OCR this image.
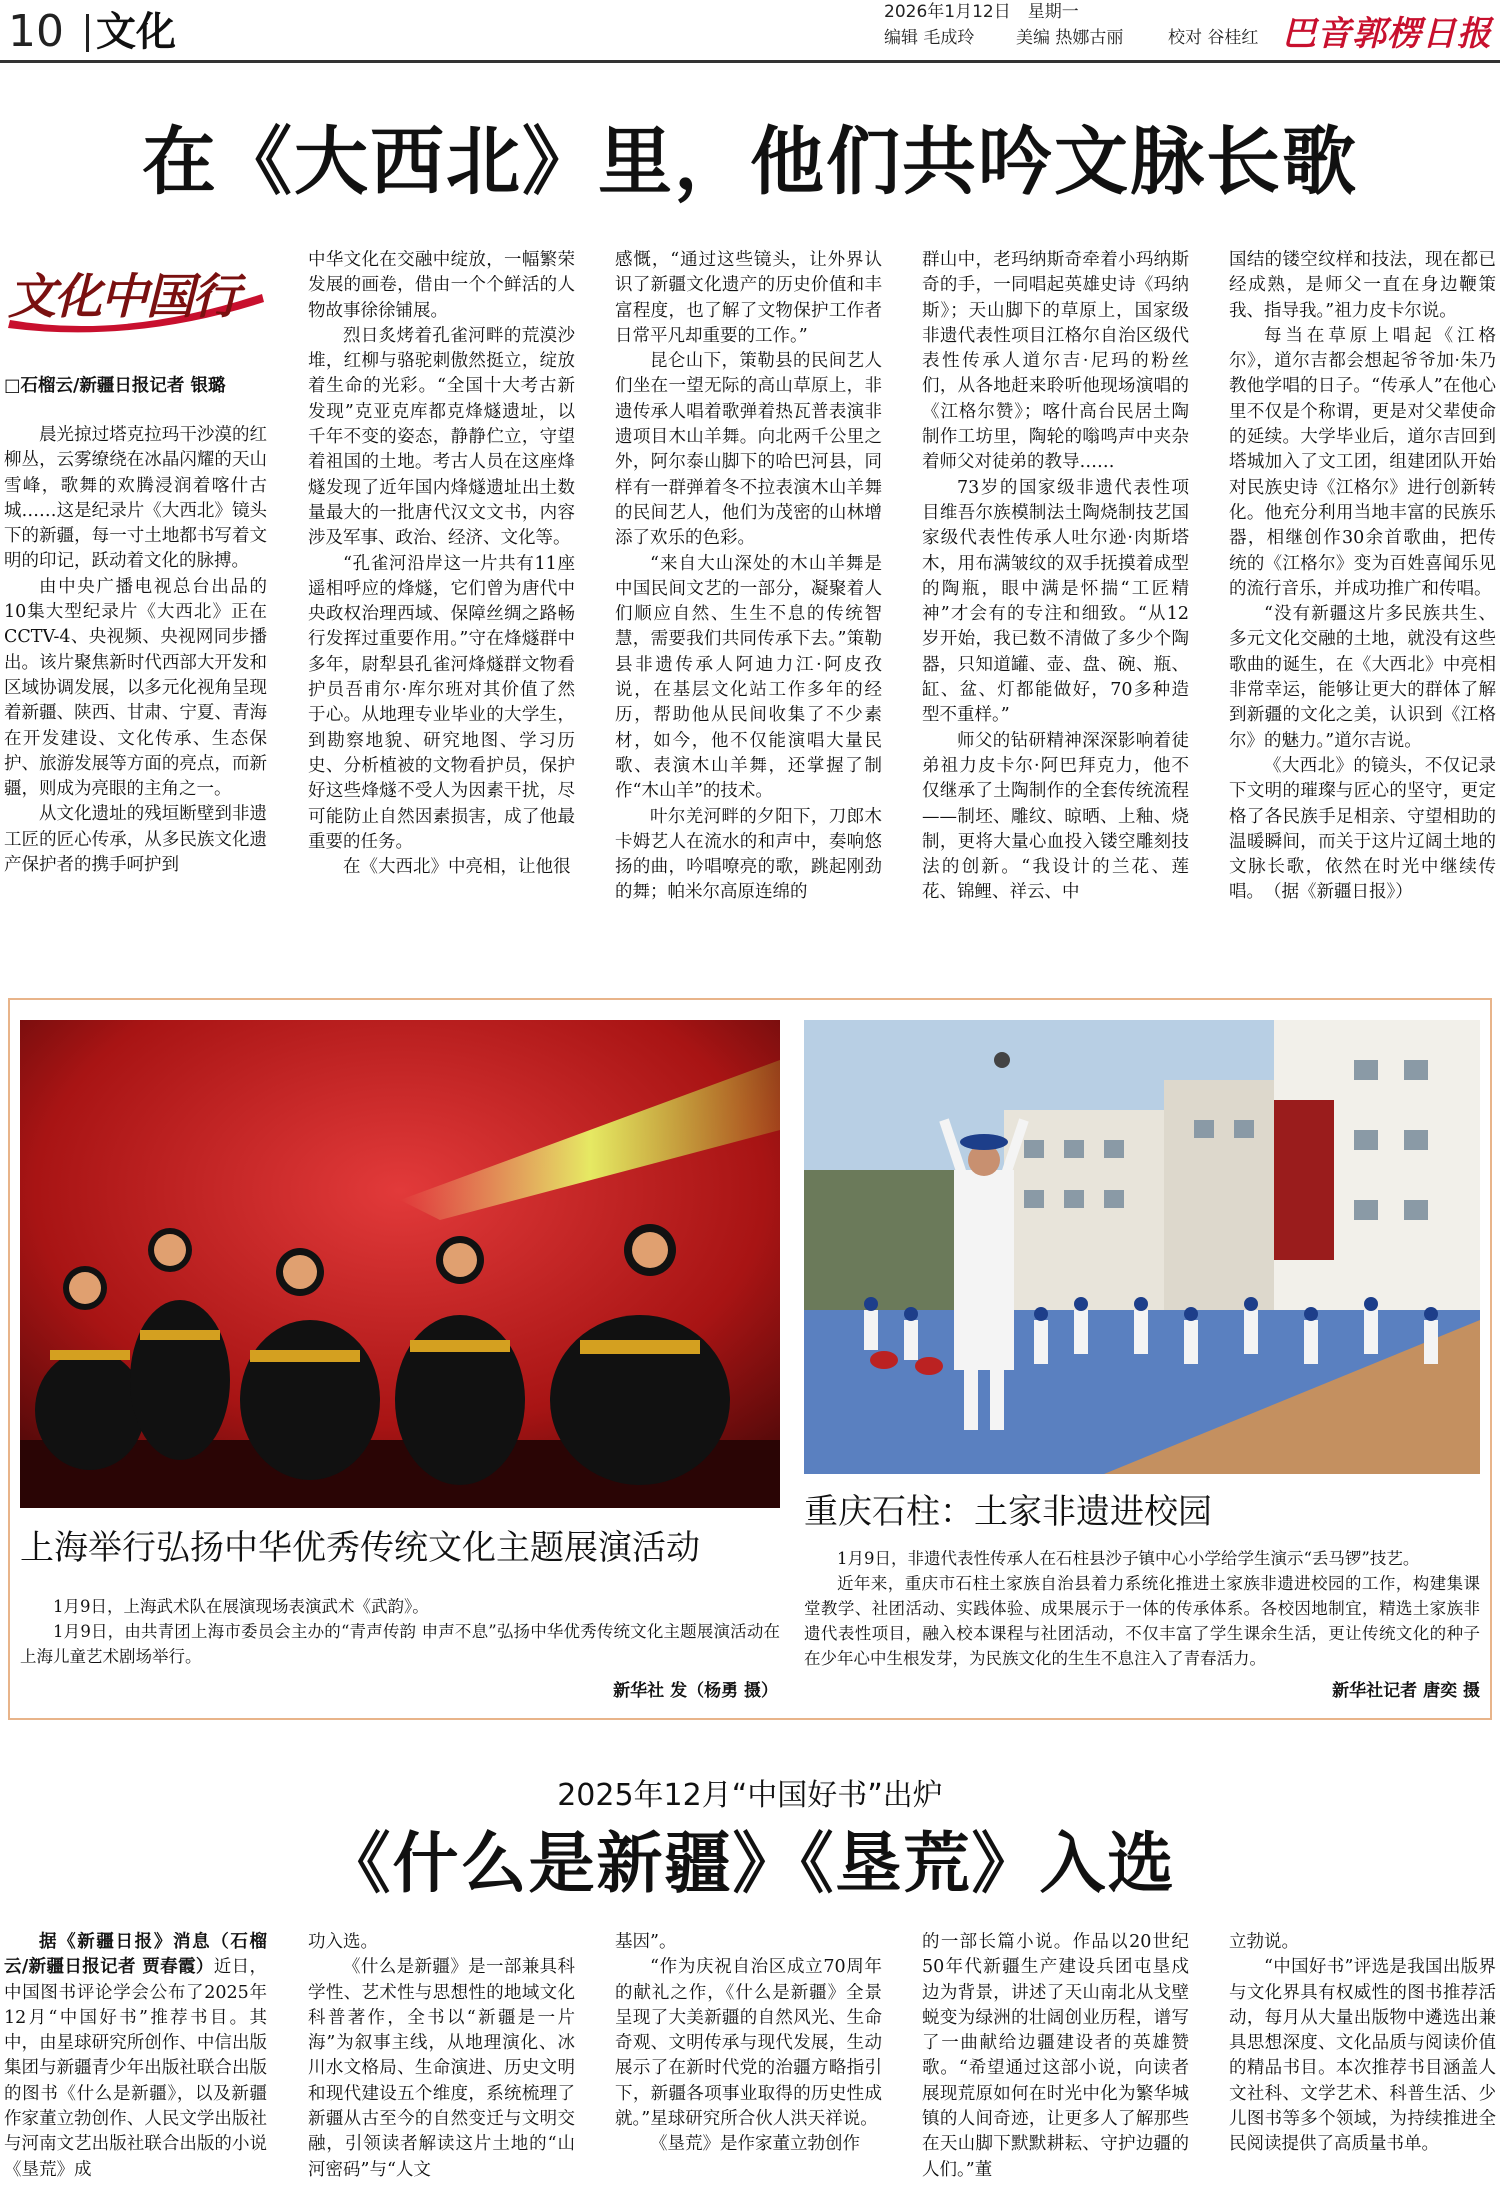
10 文化	2026年1月12日　星期一
编辑 毛成玲 美编 热娜古丽	校对 谷桂红 巴音郭楞日报
在《大西北》里，他们共吟文脉长歌
文化中国行
□石榴云/新疆日报记者 银璐

晨光掠过塔克拉玛干沙漠的红柳丛，云雾缭绕在冰晶闪耀的天山雪峰，歌舞的欢腾浸润着喀什古城……这是纪录片《大西北》镜头下的新疆，每一寸土地都书写着文明的印记，跃动着文化的脉搏。

由中央广播电视总台出品的10集大型纪录片《大西北》正在CCTV-4、央视频、央视网同步播出。该片聚焦新时代西部大开发和区域协调发展，以多元化视角呈现着新疆、陕西、甘肃、宁夏、青海在开发建设、文化传承、生态保护、旅游发展等方面的亮点，而新疆，则成为亮眼的主角之一。

从文化遗址的残垣断壁到非遗工匠的匠心传承，从多民族文化遗产保护者的携手呵护到

中华文化在交融中绽放，一幅繁荣发展的画卷，借由一个个鲜活的人物故事徐徐铺展。

烈日炙烤着孔雀河畔的荒漠沙堆，红柳与骆驼刺傲然挺立，绽放着生命的光彩。“全国十大考古新发现”克亚克库都克烽燧遗址，以千年不变的姿态，静静伫立，守望着祖国的土地。考古人员在这座烽燧发现了近年国内烽燧遗址出土数量最大的一批唐代汉文文书，内容涉及军事、政治、经济、文化等。

“孔雀河沿岸这一片共有11座遥相呼应的烽燧，它们曾为唐代中央政权治理西域、保障丝绸之路畅行发挥过重要作用。”守在烽燧群中多年，尉犁县孔雀河烽燧群文物看护员吾甫尔·库尔班对其价值了然于心。从地理专业毕业的大学生，到勘察地貌、研究地图、学习历史、分析植被的文物看护员，保护好这些烽燧不受人为因素干扰，尽可能防止自然因素损害，成了他最重要的任务。

在《大西北》中亮相，让他很

感慨，“通过这些镜头，让外界认识了新疆文化遗产的历史价值和丰富程度，也了解了文物保护工作者日常平凡却重要的工作。”

昆仑山下，策勒县的民间艺人们坐在一望无际的高山草原上，非遗传承人唱着歌弹着热瓦普表演非遗项目木山羊舞。向北两千公里之外，阿尔泰山脚下的哈巴河县，同样有一群弹着冬不拉表演木山羊舞的民间艺人，他们为茂密的山林增添了欢乐的色彩。

“来自大山深处的木山羊舞是中国民间文艺的一部分，凝聚着人们顺应自然、生生不息的传统智慧，需要我们共同传承下去。”策勒县非遗传承人阿迪力江·阿皮孜说，在基层文化站工作多年的经历，帮助他从民间收集了不少素材，如今，他不仅能演唱大量民歌、表演木山羊舞，还掌握了制作“木山羊”的技术。

叶尔羌河畔的夕阳下，刀郎木卡姆艺人在流水的和声中，奏响悠扬的曲，吟唱嘹亮的歌，跳起刚劲的舞；帕米尔高原连绵的

群山中，老玛纳斯奇牵着小玛纳斯奇的手，一同唱起英雄史诗《玛纳斯》；天山脚下的草原上，国家级非遗代表性项目江格尔自治区级代表性传承人道尔吉·尼玛的粉丝们，从各地赶来聆听他现场演唱的《江格尔赞》；喀什高台民居土陶制作工坊里，陶轮的嗡鸣声中夹杂着师父对徒弟的教导……

73岁的国家级非遗代表性项目维吾尔族模制法土陶烧制技艺国家级代表性传承人吐尔逊·肉斯塔木，用布满皱纹的双手抚摸着成型的陶瓶，眼中满是怀揣“工匠精神”才会有的专注和细致。“从12岁开始，我已数不清做了多少个陶器，只知道罐、壶、盘、碗、瓶、缸、盆、灯都能做好，70多种造型不重样。”

师父的钻研精神深深影响着徒弟祖力皮卡尔·阿巴拜克力，他不仅继承了土陶制作的全套传统流程——制坯、雕纹、晾晒、上釉、烧制，更将大量心血投入镂空雕刻技法的创新。“我设计的兰花、莲花、锦鲤、祥云、中

国结的镂空纹样和技法，现在都已经成熟，是师父一直在身边鞭策我、指导我。”祖力皮卡尔说。

每当在草原上唱起《江格尔》，道尔吉都会想起爷爷加·朱乃教他学唱的日子。“传承人”在他心里不仅是个称谓，更是对父辈使命的延续。大学毕业后，道尔吉回到塔城加入了文工团，组建团队开始对民族史诗《江格尔》进行创新转化。他充分利用当地丰富的民族乐器，相继创作30余首歌曲，把传统的《江格尔》变为百姓喜闻乐见的流行音乐，并成功推广和传唱。

“没有新疆这片多民族共生、多元文化交融的土地，就没有这些歌曲的诞生，在《大西北》中亮相非常幸运，能够让更大的群体了解到新疆的文化之美，认识到《江格尔》的魅力。”道尔吉说。

《大西北》的镜头，不仅记录下文明的璀璨与匠心的坚守，更定格了各民族手足相亲、守望相助的温暖瞬间，而关于这片辽阔土地的文脉长歌，依然在时光中继续传唱。　（据《新疆日报》）

上海举行弘扬中华优秀传统文化主题展演活动

1月9日，上海武术队在展演现场表演武术《武韵》。

1月9日，由共青团上海市委员会主办的“青声传韵 申声不息”弘扬中华优秀传统文化主题展演活动在上海儿童艺术剧场举行。

新华社 发（杨勇 摄）
重庆石柱：土家非遗进校园

1月9日，非遗代表性传承人在石柱县沙子镇中心小学给学生演示“丢马锣”技艺。

近年来，重庆市石柱土家族自治县着力系统化推进土家族非遗进校园的工作，构建集课堂教学、社团活动、实践体验、成果展示于一体的传承体系。各校因地制宜，精选土家族非遗代表性项目，融入校本课程与社团活动，不仅丰富了学生课余生活，更让传统文化的种子在少年心中生根发芽，为民族文化的生生不息注入了青春活力。

新华社记者 唐奕 摄
2025年12月“中国好书”出炉
《什么是新疆》《垦荒》入选

据《新疆日报》消息（石榴云/新疆日报记者 贾春霞）近日，中国图书评论学会公布了2025年12月“中国好书”推荐书目。其中，由星球研究所创作、中信出版集团与新疆青少年出版社联合出版的图书《什么是新疆》，以及新疆作家董立勃创作、人民文学出版社与河南文艺出版社联合出版的小说《垦荒》成

功入选。

《什么是新疆》是一部兼具科学性、艺术性与思想性的地域文化科普著作，全书以“新疆是一片海”为叙事主线，从地理演化、冰川水文格局、生命演进、历史文明和现代建设五个维度，系统梳理了新疆从古至今的自然变迁与文明交融，引领读者解读这片土地的“山河密码”与“人文

基因”。

“作为庆祝自治区成立70周年的献礼之作，《什么是新疆》全景呈现了大美新疆的自然风光、生命奇观、文明传承与现代发展，生动展示了在新时代党的治疆方略指引下，新疆各项事业取得的历史性成就。”星球研究所合伙人洪天祥说。

《垦荒》是作家董立勃创作

的一部长篇小说。作品以20世纪50年代新疆生产建设兵团屯垦戍边为背景，讲述了天山南北从戈壁蜕变为绿洲的壮阔创业历程，谱写了一曲献给边疆建设者的英雄赞歌。“希望通过这部小说，向读者展现荒原如何在时光中化为繁华城镇的人间奇迹，让更多人了解那些在天山脚下默默耕耘、守护边疆的人们。”董

立勃说。

“中国好书”评选是我国出版界与文化界具有权威性的图书推荐活动，每月从大量出版物中遴选出兼具思想深度、文化品质与阅读价值的精品书目。本次推荐书目涵盖人文社科、文学艺术、科普生活、少儿图书等多个领域，为持续推进全民阅读提供了高质量书单。
